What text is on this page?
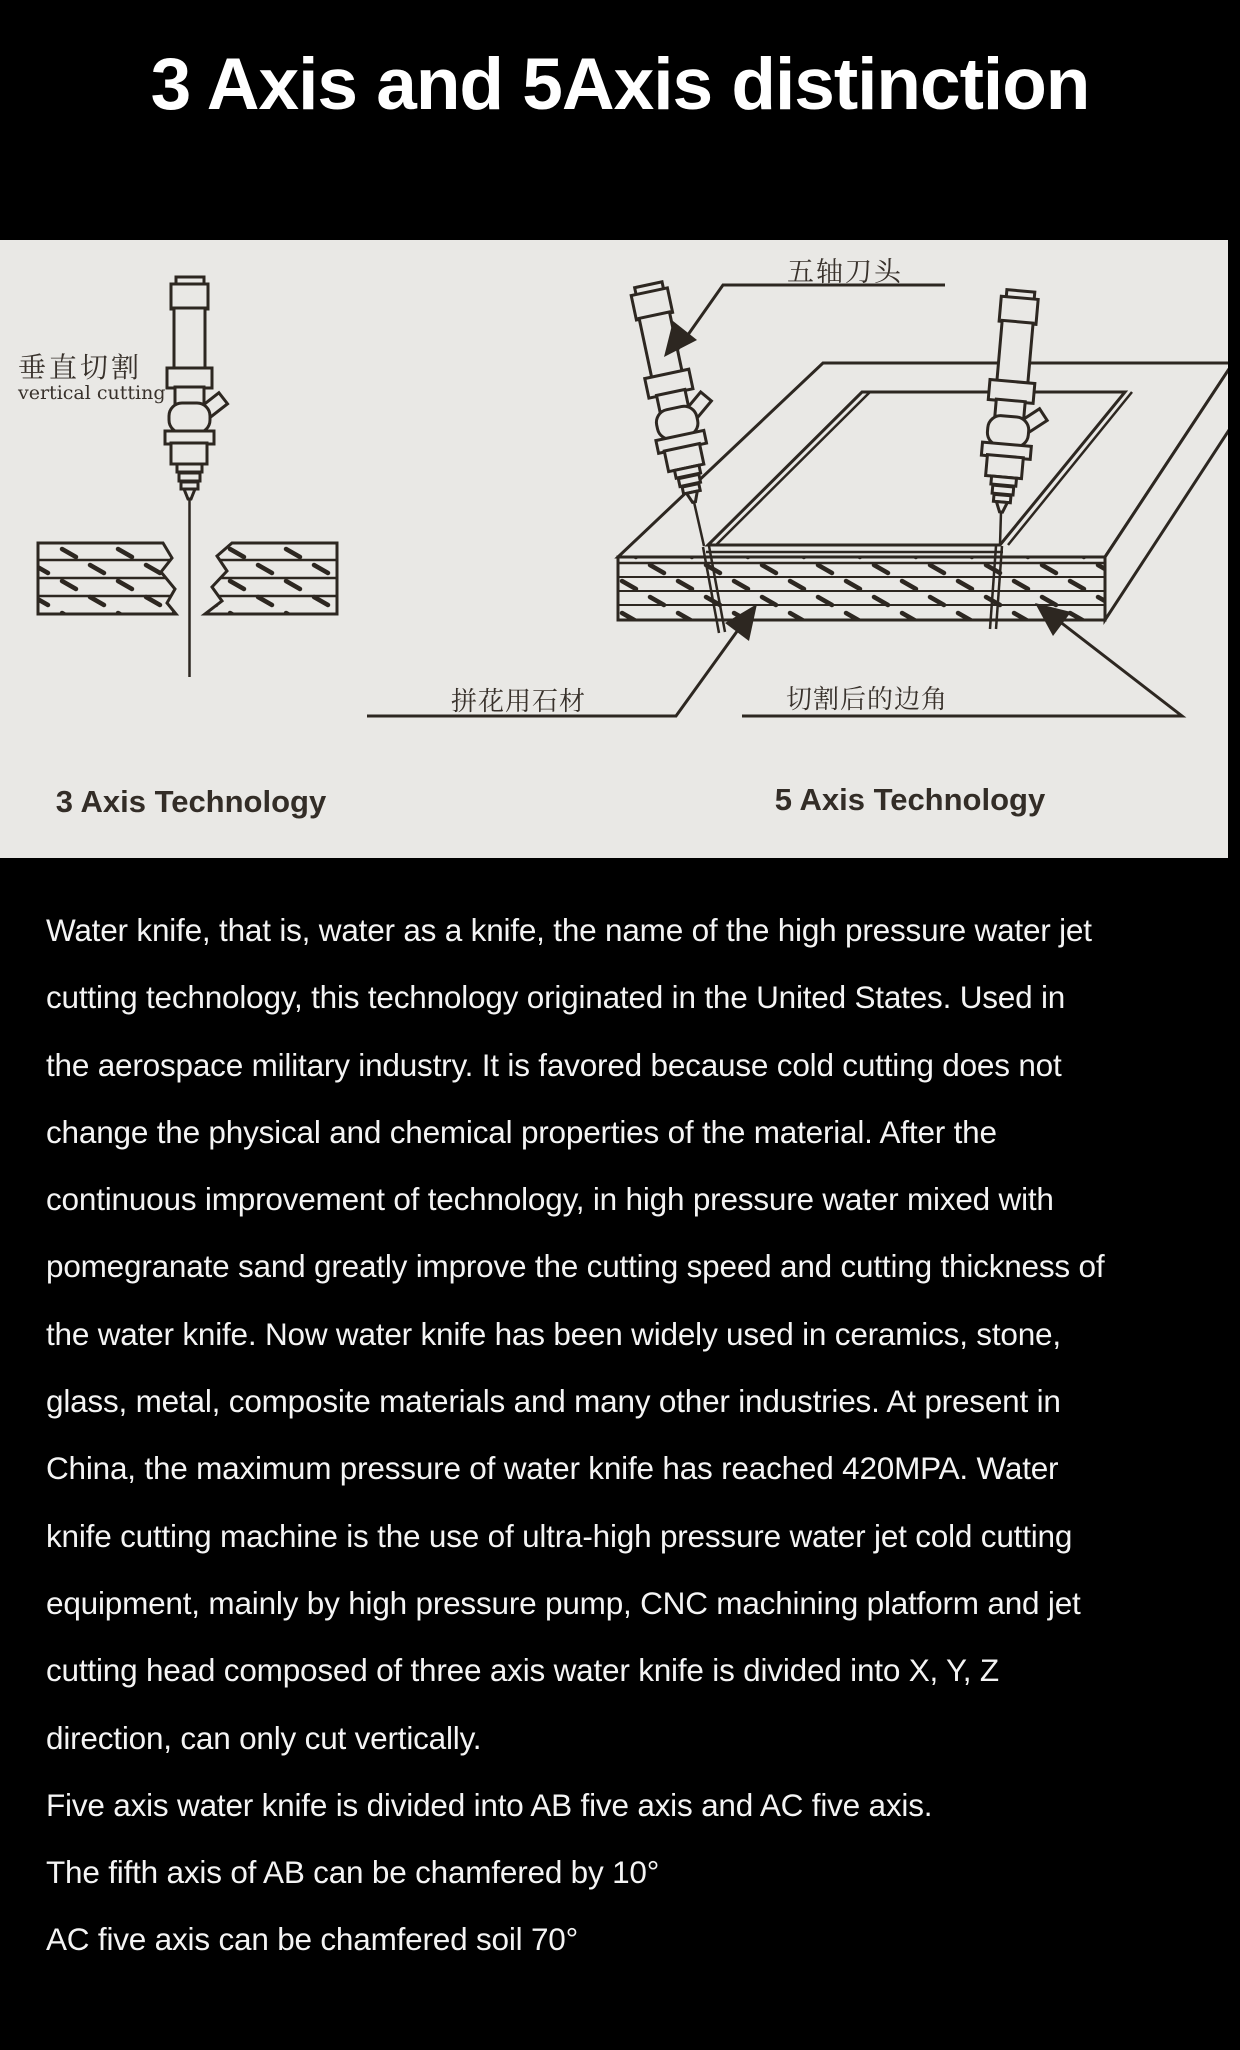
3 Axis and 5Axis distinction
垂直切割
vertical cutting
3 Axis Technology
五轴刀头
拼花用石材	切割后的边角
5 Axis Technology
Water knife, that is, water as a knife, the name of the high pressure water jet
cutting technology, this technology originated in the United States. Used in
the aerospace military industry. It is favored because cold cutting does not
change the physical and chemical properties of the material. After the
continuous improvement of technology, in high pressure water mixed with
pomegranate sand greatly improve the cutting speed and cutting thickness of
the water knife. Now water knife has been widely used in ceramics, stone,
glass, metal, composite materials and many other industries. At present in
China, the maximum pressure of water knife has reached 420MPA. Water
knife cutting machine is the use of ultra-high pressure water jet cold cutting
equipment, mainly by high pressure pump, CNC machining platform and jet
cutting head composed of three axis water knife is divided into X, Y, Z
direction, can only cut vertically.
Five axis water knife is divided into AB five axis and AC five axis.
The fifth axis of AB can be chamfered by 10°
AC five axis can be chamfered soil 70°
